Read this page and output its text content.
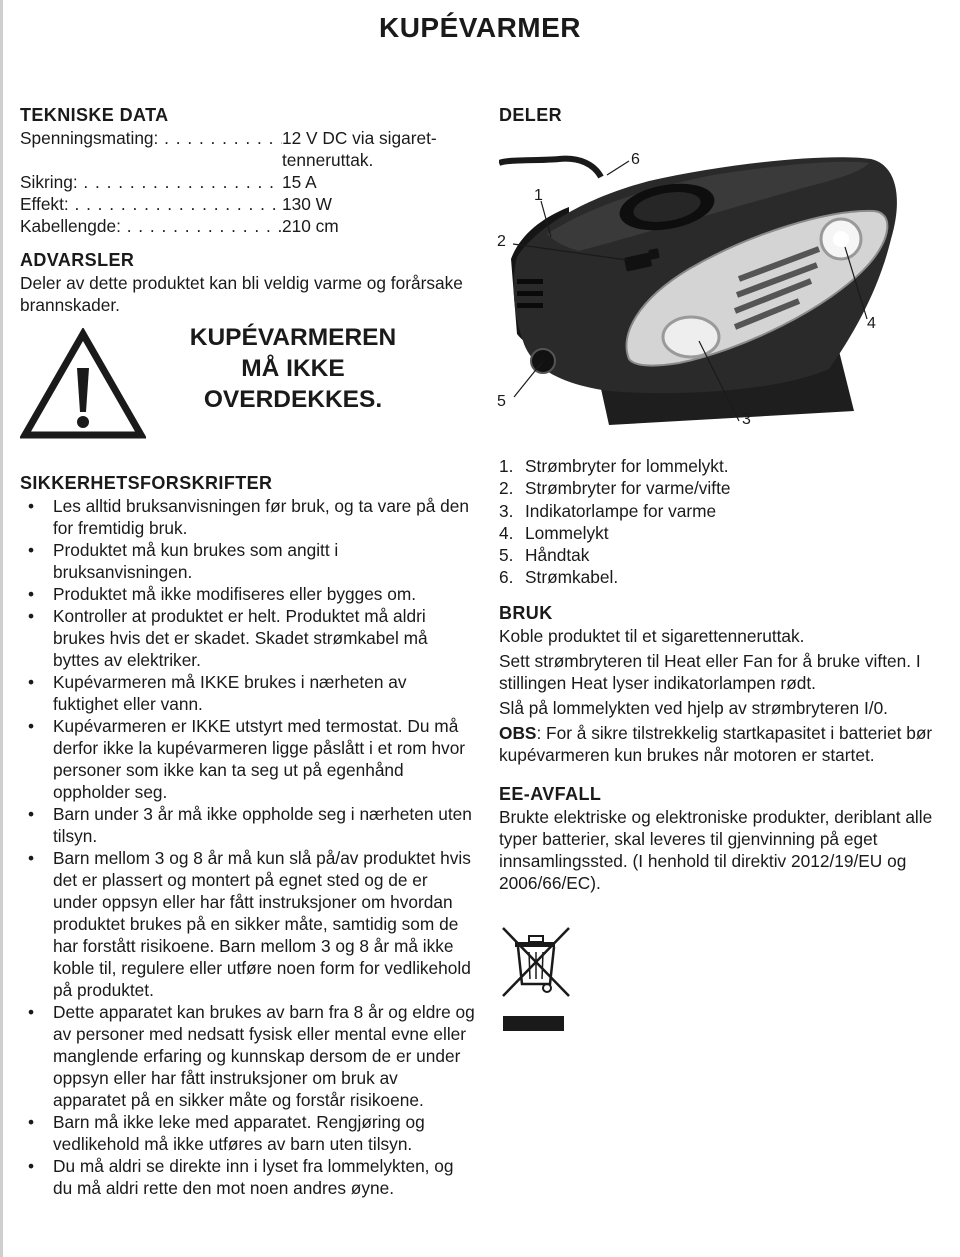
KUPÉVARMER
TEKNISKE DATA
Spenningsmating: . . .	12 V DC via sigaret-
tenneruttak.
Sikring: . . .	15 A
Effekt: . . .	130 W
Kabellengde: . . .	210 cm
ADVARSLER

Deler av dette produktet kan bli veldig varme og forårsake brannskader.

KUPÉVARMEREN
MÅ IKKE
OVERDEKKES.
SIKKERHETSFORSKRIFTER
• Les alltid bruksanvisningen før bruk, og ta vare på den for fremtidig bruk.
• Produktet må kun brukes som angitt i bruksanvisningen.
• Produktet må ikke modifiseres eller bygges om.
• Kontroller at produktet er helt. Produktet må aldri brukes hvis det er skadet. Skadet strømkabel må byttes av elektriker.
• Kupévarmeren må IKKE brukes i nærheten av fuktighet eller vann.
• Kupévarmeren er IKKE utstyrt med termostat. Du må derfor ikke la kupévarmeren ligge påslått i et rom hvor personer som ikke kan ta seg ut på egenhånd oppholder seg.
• Barn under 3 år må ikke oppholde seg i nærheten uten tilsyn.
• Barn mellom 3 og 8 år må kun slå på/av produktet hvis det er plassert og montert på egnet sted og de er under oppsyn eller har fått instruksjoner om hvordan produktet brukes på en sikker måte, samtidig som de har forstått risikoene. Barn mellom 3 og 8 år må ikke koble til, regulere eller utføre noen form for vedlikehold på produktet.
• Dette apparatet kan brukes av barn fra 8 år og eldre og av personer med nedsatt fysisk eller mental evne eller manglende erfaring og kunnskap dersom de er under oppsyn eller har fått instruksjoner om bruk av apparatet på en sikker måte og forstår risikoene.
• Barn må ikke leke med apparatet. Rengjøring og vedlikehold må ikke utføres av barn uten tilsyn.
• Du må aldri se direkte inn i lyset fra lommelykten, og du må aldri rette den mot noen andres øyne.
DELER
1
2
3
4
5
6
1. Strømbryter for lommelykt.
2. Strømbryter for varme/vifte
3. Indikatorlampe for varme
4. Lommelykt
5. Håndtak
6. Strømkabel.
BRUK

Koble produktet til et sigarettenneruttak.

Sett strømbryteren til Heat eller Fan for å bruke viften. I stillingen Heat lyser indikatorlampen rødt.

Slå på lommelykten ved hjelp av strømbryteren I/0.

OBS: For å sikre tilstrekkelig startkapasitet i batteriet bør kupévarmeren kun brukes når motoren er startet.

EE-AVFALL

Brukte elektriske og elektroniske produkter, deriblant alle typer batterier, skal leveres til gjenvinning på eget innsamlingssted. (I henhold til direktiv 2012/19/EU og 2006/66/EC).
